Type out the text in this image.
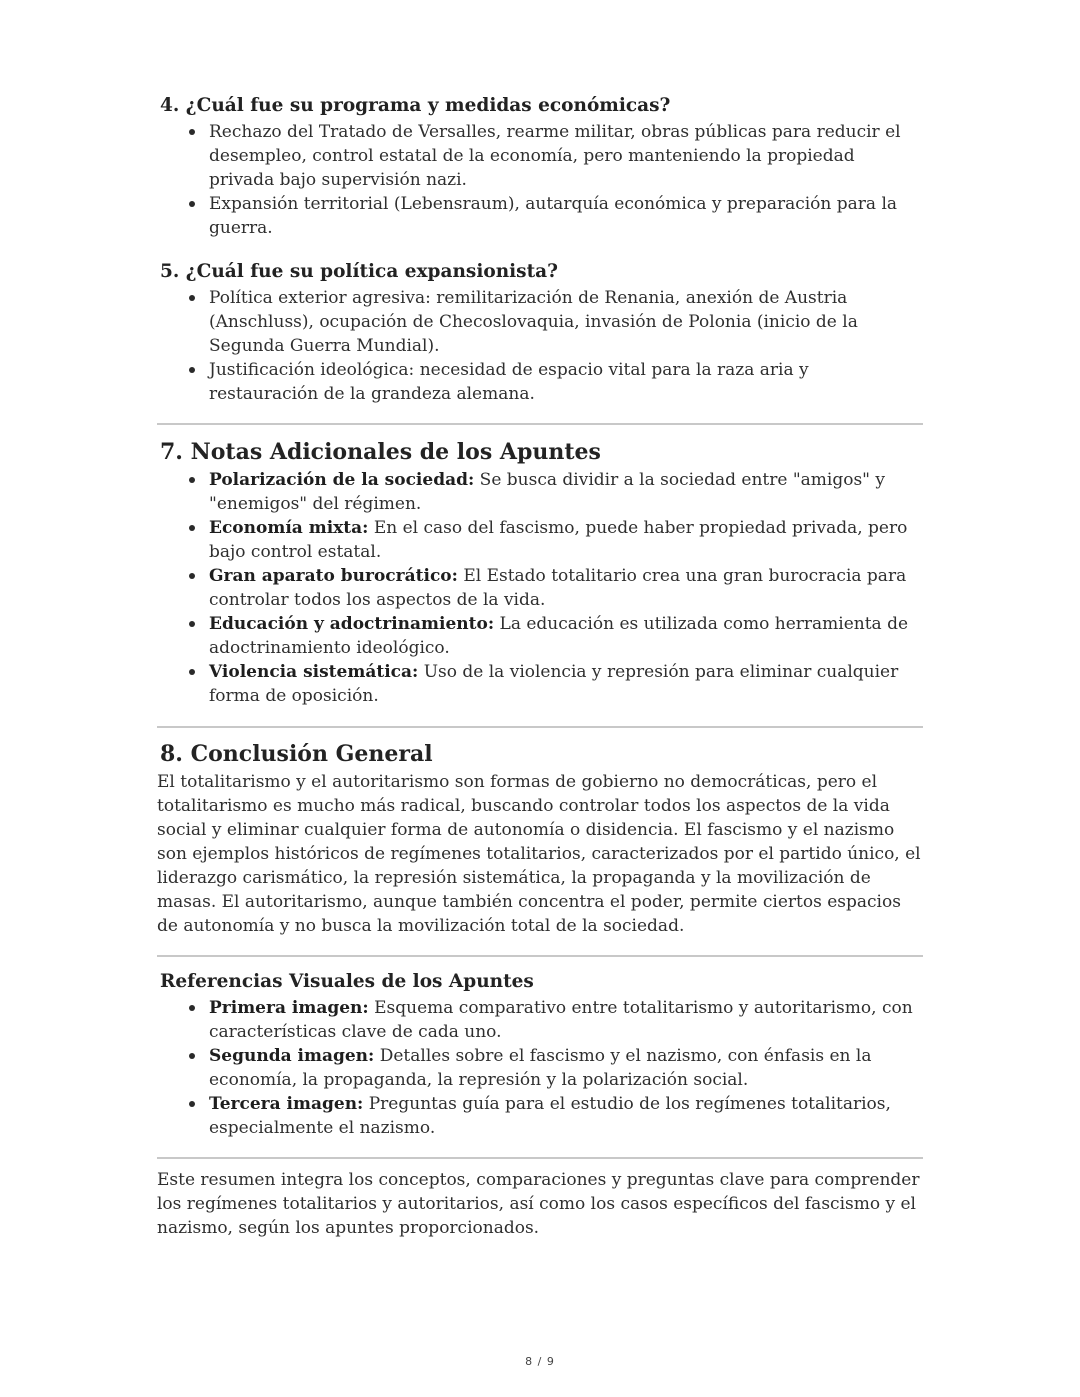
4. ¿Cuál fue su programa y medidas económicas?
Rechazo del Tratado de Versalles, rearme militar, obras públicas para reducir el desempleo, control estatal de la economía, pero manteniendo la propiedad privada bajo supervisión nazi.
Expansión territorial (Lebensraum), autarquía económica y preparación para la guerra.
5. ¿Cuál fue su política expansionista?
Política exterior agresiva: remilitarización de Renania, anexión de Austria (Anschluss), ocupación de Checoslovaquia, invasión de Polonia (inicio de la Segunda Guerra Mundial).
Justificación ideológica: necesidad de espacio vital para la raza aria y restauración de la grandeza alemana.
7. Notas Adicionales de los Apuntes
Polarización de la sociedad: Se busca dividir a la sociedad entre "amigos" y "enemigos" del régimen.
Economía mixta: En el caso del fascismo, puede haber propiedad privada, pero bajo control estatal.
Gran aparato burocrático: El Estado totalitario crea una gran burocracia para controlar todos los aspectos de la vida.
Educación y adoctrinamiento: La educación es utilizada como herramienta de adoctrinamiento ideológico.
Violencia sistemática: Uso de la violencia y represión para eliminar cualquier forma de oposición.
8. Conclusión General

El totalitarismo y el autoritarismo son formas de gobierno no democráticas, pero el totalitarismo es mucho más radical, buscando controlar todos los aspectos de la vida social y eliminar cualquier forma de autonomía o disidencia. El fascismo y el nazismo son ejemplos históricos de regímenes totalitarios, caracterizados por el partido único, el liderazgo carismático, la represión sistemática, la propaganda y la movilización de masas. El autoritarismo, aunque también concentra el poder, permite ciertos espacios de autonomía y no busca la movilización total de la sociedad.

Referencias Visuales de los Apuntes
Primera imagen: Esquema comparativo entre totalitarismo y autoritarismo, con características clave de cada uno.
Segunda imagen: Detalles sobre el fascismo y el nazismo, con énfasis en la economía, la propaganda, la represión y la polarización social.
Tercera imagen: Preguntas guía para el estudio de los regímenes totalitarios, especialmente el nazismo.

Este resumen integra los conceptos, comparaciones y preguntas clave para comprender los regímenes totalitarios y autoritarios, así como los casos específicos del fascismo y el nazismo, según los apuntes proporcionados.

8 / 9
